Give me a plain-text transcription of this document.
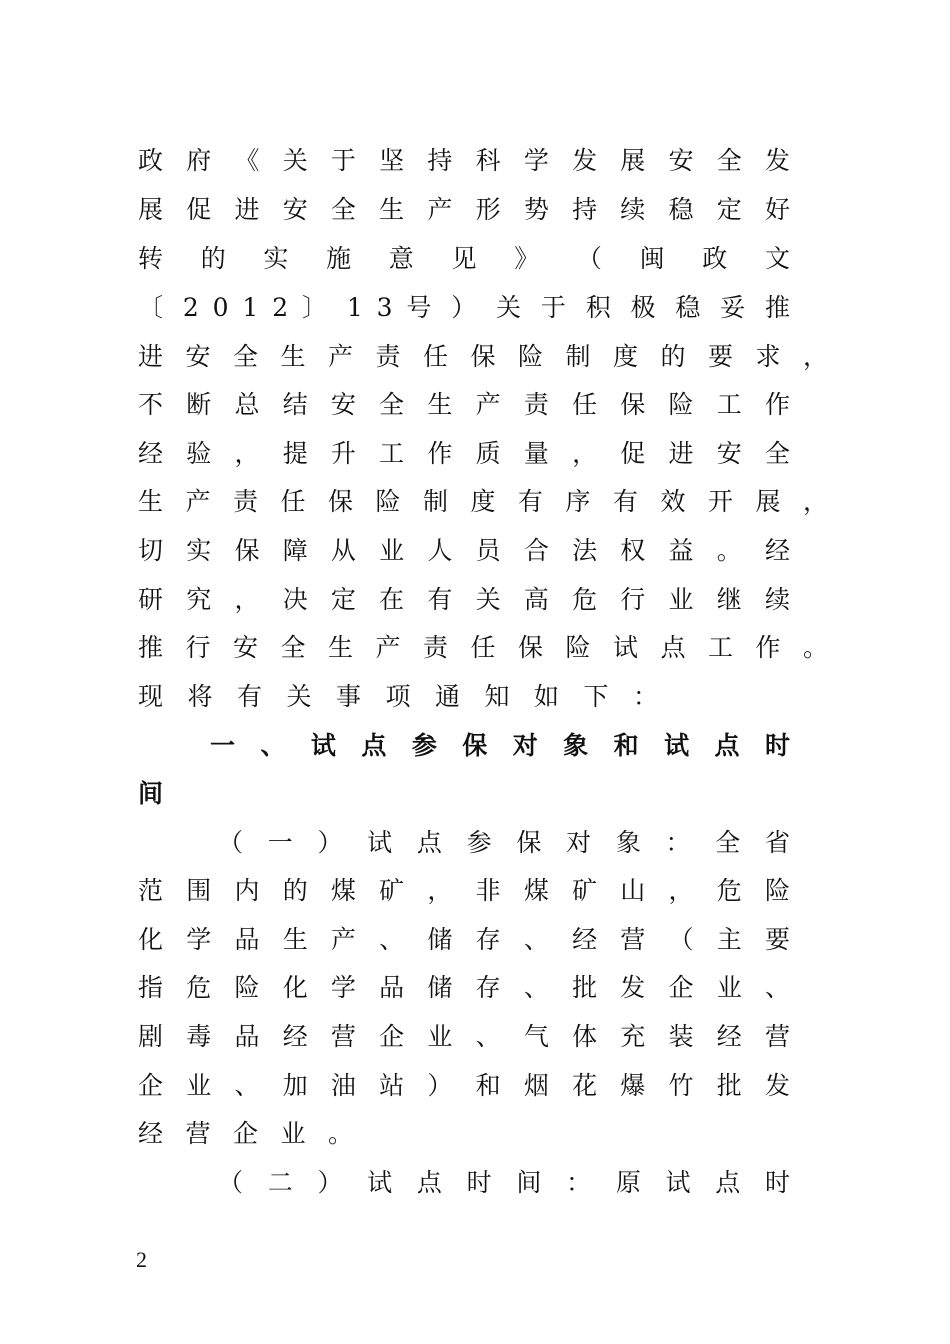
政​ 府​ 《​ 关​ 于​ 坚​ 持​ 科​ 学​ 发​ 展​ 安​ 全​ 发
展​ 促​ 进​ 安​ 全​ 生​ 产​ 形​ 势​ 持​ 续​ 稳​ 定​ 好
转​ 的​ 实​ 施​ 意​ 见​ 》​ （​ 闽​ 政​ 文
〔​ 2​ 0​ 1​ 2​ 〕​ 1​ 3​ 号​ ）​ 关​ 于​ 积​ 极​ 稳​ 妥​ 推
进​ 安​ 全​ 生​ 产​ 责​ 任​ 保​ 险​ 制​ 度​ 的​ 要​ 求​ ，
不​ 断​ 总​ 结​ 安​ 全​ 生​ 产​ 责​ 任​ 保​ 险​ 工​ 作
经​ 验​ ，​ 提​ 升​ 工​ 作​ 质​ 量​ ，​ 促​ 进​ 安​ 全
生​ 产​ 责​ 任​ 保​ 险​ 制​ 度​ 有​ 序​ 有​ 效​ 开​ 展​ ，
切​ 实​ 保​ 障​ 从​ 业​ 人​ 员​ 合​ 法​ 权​ 益​ 。​ 经
研​ 究​ ，​ 决​ 定​ 在​ 有​ 关​ 高​ 危​ 行​ 业​ 继​ 续
推​ 行​ 安​ 全​ 生​ 产​ 责​ 任​ 保​ 险​ 试​ 点​ 工​ 作​ 。
现​ 将​ 有​ 关​ 事​ 项​ 通​ 知​ 如​ 下​ ：
一​ 、​ 试​ 点​ 参​ 保​ 对​ 象​ 和​ 试​ 点​ 时
间
（​ 一​ ）​ 试​ 点​ 参​ 保​ 对​ 象​ ：​ 全​ 省
范​ 围​ 内​ 的​ 煤​ 矿​ ，​ 非​ 煤​ 矿​ 山​ ，​ 危​ 险
化​ 学​ 品​ 生​ 产​ 、​ 储​ 存​ 、​ 经​ 营​ （​ 主​ 要
指​ 危​ 险​ 化​ 学​ 品​ 储​ 存​ 、​ 批​ 发​ 企​ 业​ 、
剧​ 毒​ 品​ 经​ 营​ 企​ 业​ 、​ 气​ 体​ 充​ 装​ 经​ 营
企​ 业​ 、​ 加​ 油​ 站​ ）​ 和​ 烟​ 花​ 爆​ 竹​ 批​ 发
经​ 营​ 企​ 业​ 。
（​ 二​ ）​ 试​ 点​ 时​ 间​ ：​ 原​ 试​ 点​ 时
2
